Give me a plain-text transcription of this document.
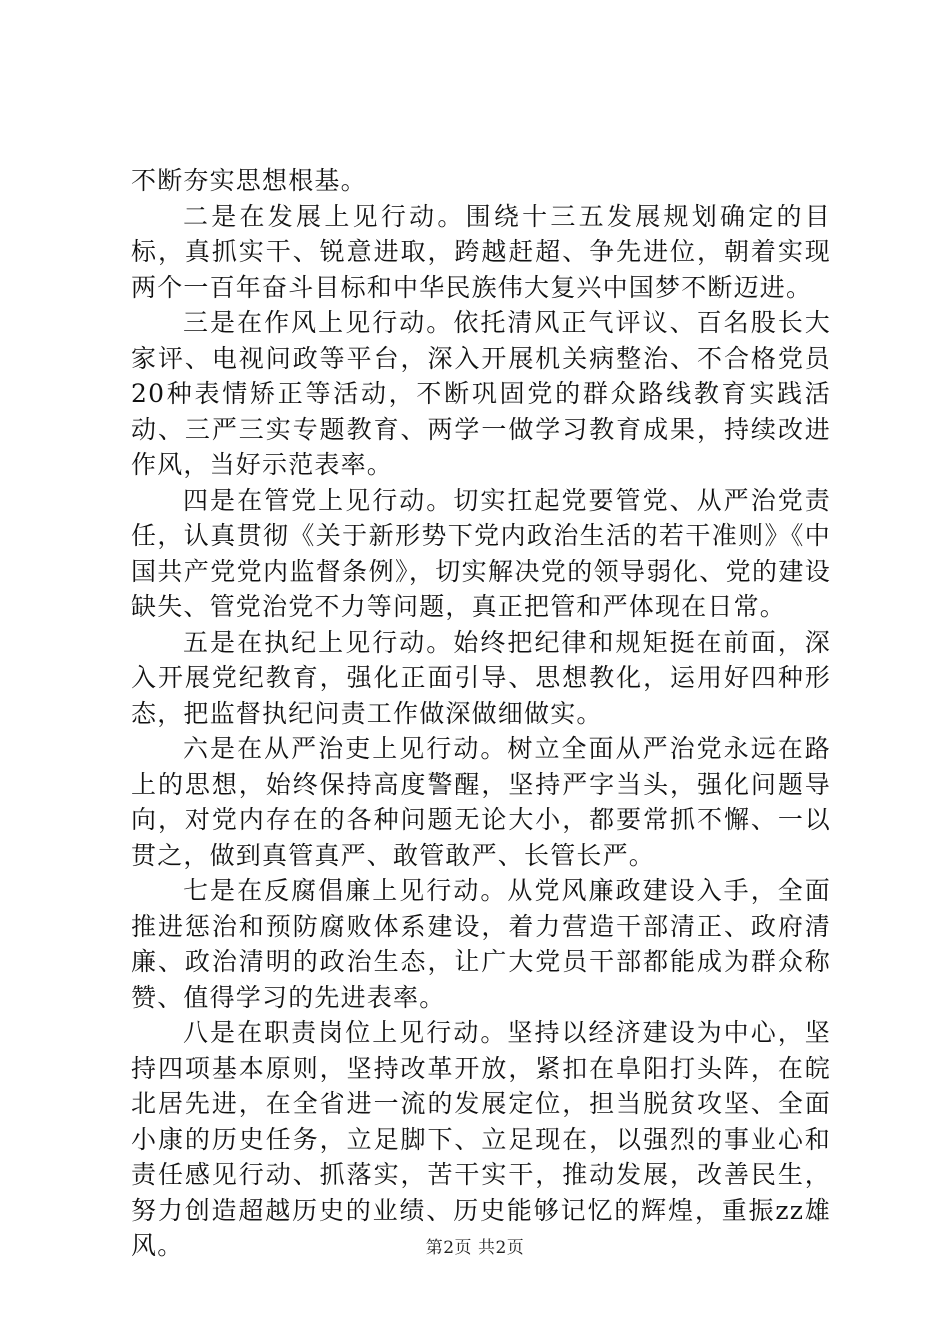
不断夯实思想根基。

二是在发展上见行动。围绕十三五发展规划确定的目标，真抓实干、锐意进取，跨越赶超、争先进位，朝着实现两个一百年奋斗目标和中华民族伟大复兴中国梦不断迈进。

三是在作风上见行动。依托清风正气评议、百名股长大家评、电视问政等平台，深入开展机关病整治、不合格党员20种表情矫正等活动，不断巩固党的群众路线教育实践活动、三严三实专题教育、两学一做学习教育成果，持续改进作风，当好示范表率。

四是在管党上见行动。切实扛起党要管党、从严治党责任，认真贯彻《关于新形势下党内政治生活的若干准则》《中国共产党党内监督条例》，切实解决党的领导弱化、党的建设缺失、管党治党不力等问题，真正把管和严体现在日常。

五是在执纪上见行动。始终把纪律和规矩挺在前面，深入开展党纪教育，强化正面引导、思想教化，运用好四种形态，把监督执纪问责工作做深做细做实。

六是在从严治吏上见行动。树立全面从严治党永远在路上的思想，始终保持高度警醒，坚持严字当头，强化问题导向，对党内存在的各种问题无论大小，都要常抓不懈、一以贯之，做到真管真严、敢管敢严、长管长严。

七是在反腐倡廉上见行动。从党风廉政建设入手，全面推进惩治和预防腐败体系建设，着力营造干部清正、政府清廉、政治清明的政治生态，让广大党员干部都能成为群众称赞、值得学习的先进表率。

八是在职责岗位上见行动。坚持以经济建设为中心，坚持四项基本原则，坚持改革开放，紧扣在阜阳打头阵，在皖北居先进，在全省进一流的发展定位，担当脱贫攻坚、全面小康的历史任务，立足脚下、立足现在，以强烈的事业心和责任感见行动、抓落实，苦干实干，推动发展，改善民生，努力创造超越历史的业绩、历史能够记忆的辉煌，重振zz雄风。	第2页 共2页
